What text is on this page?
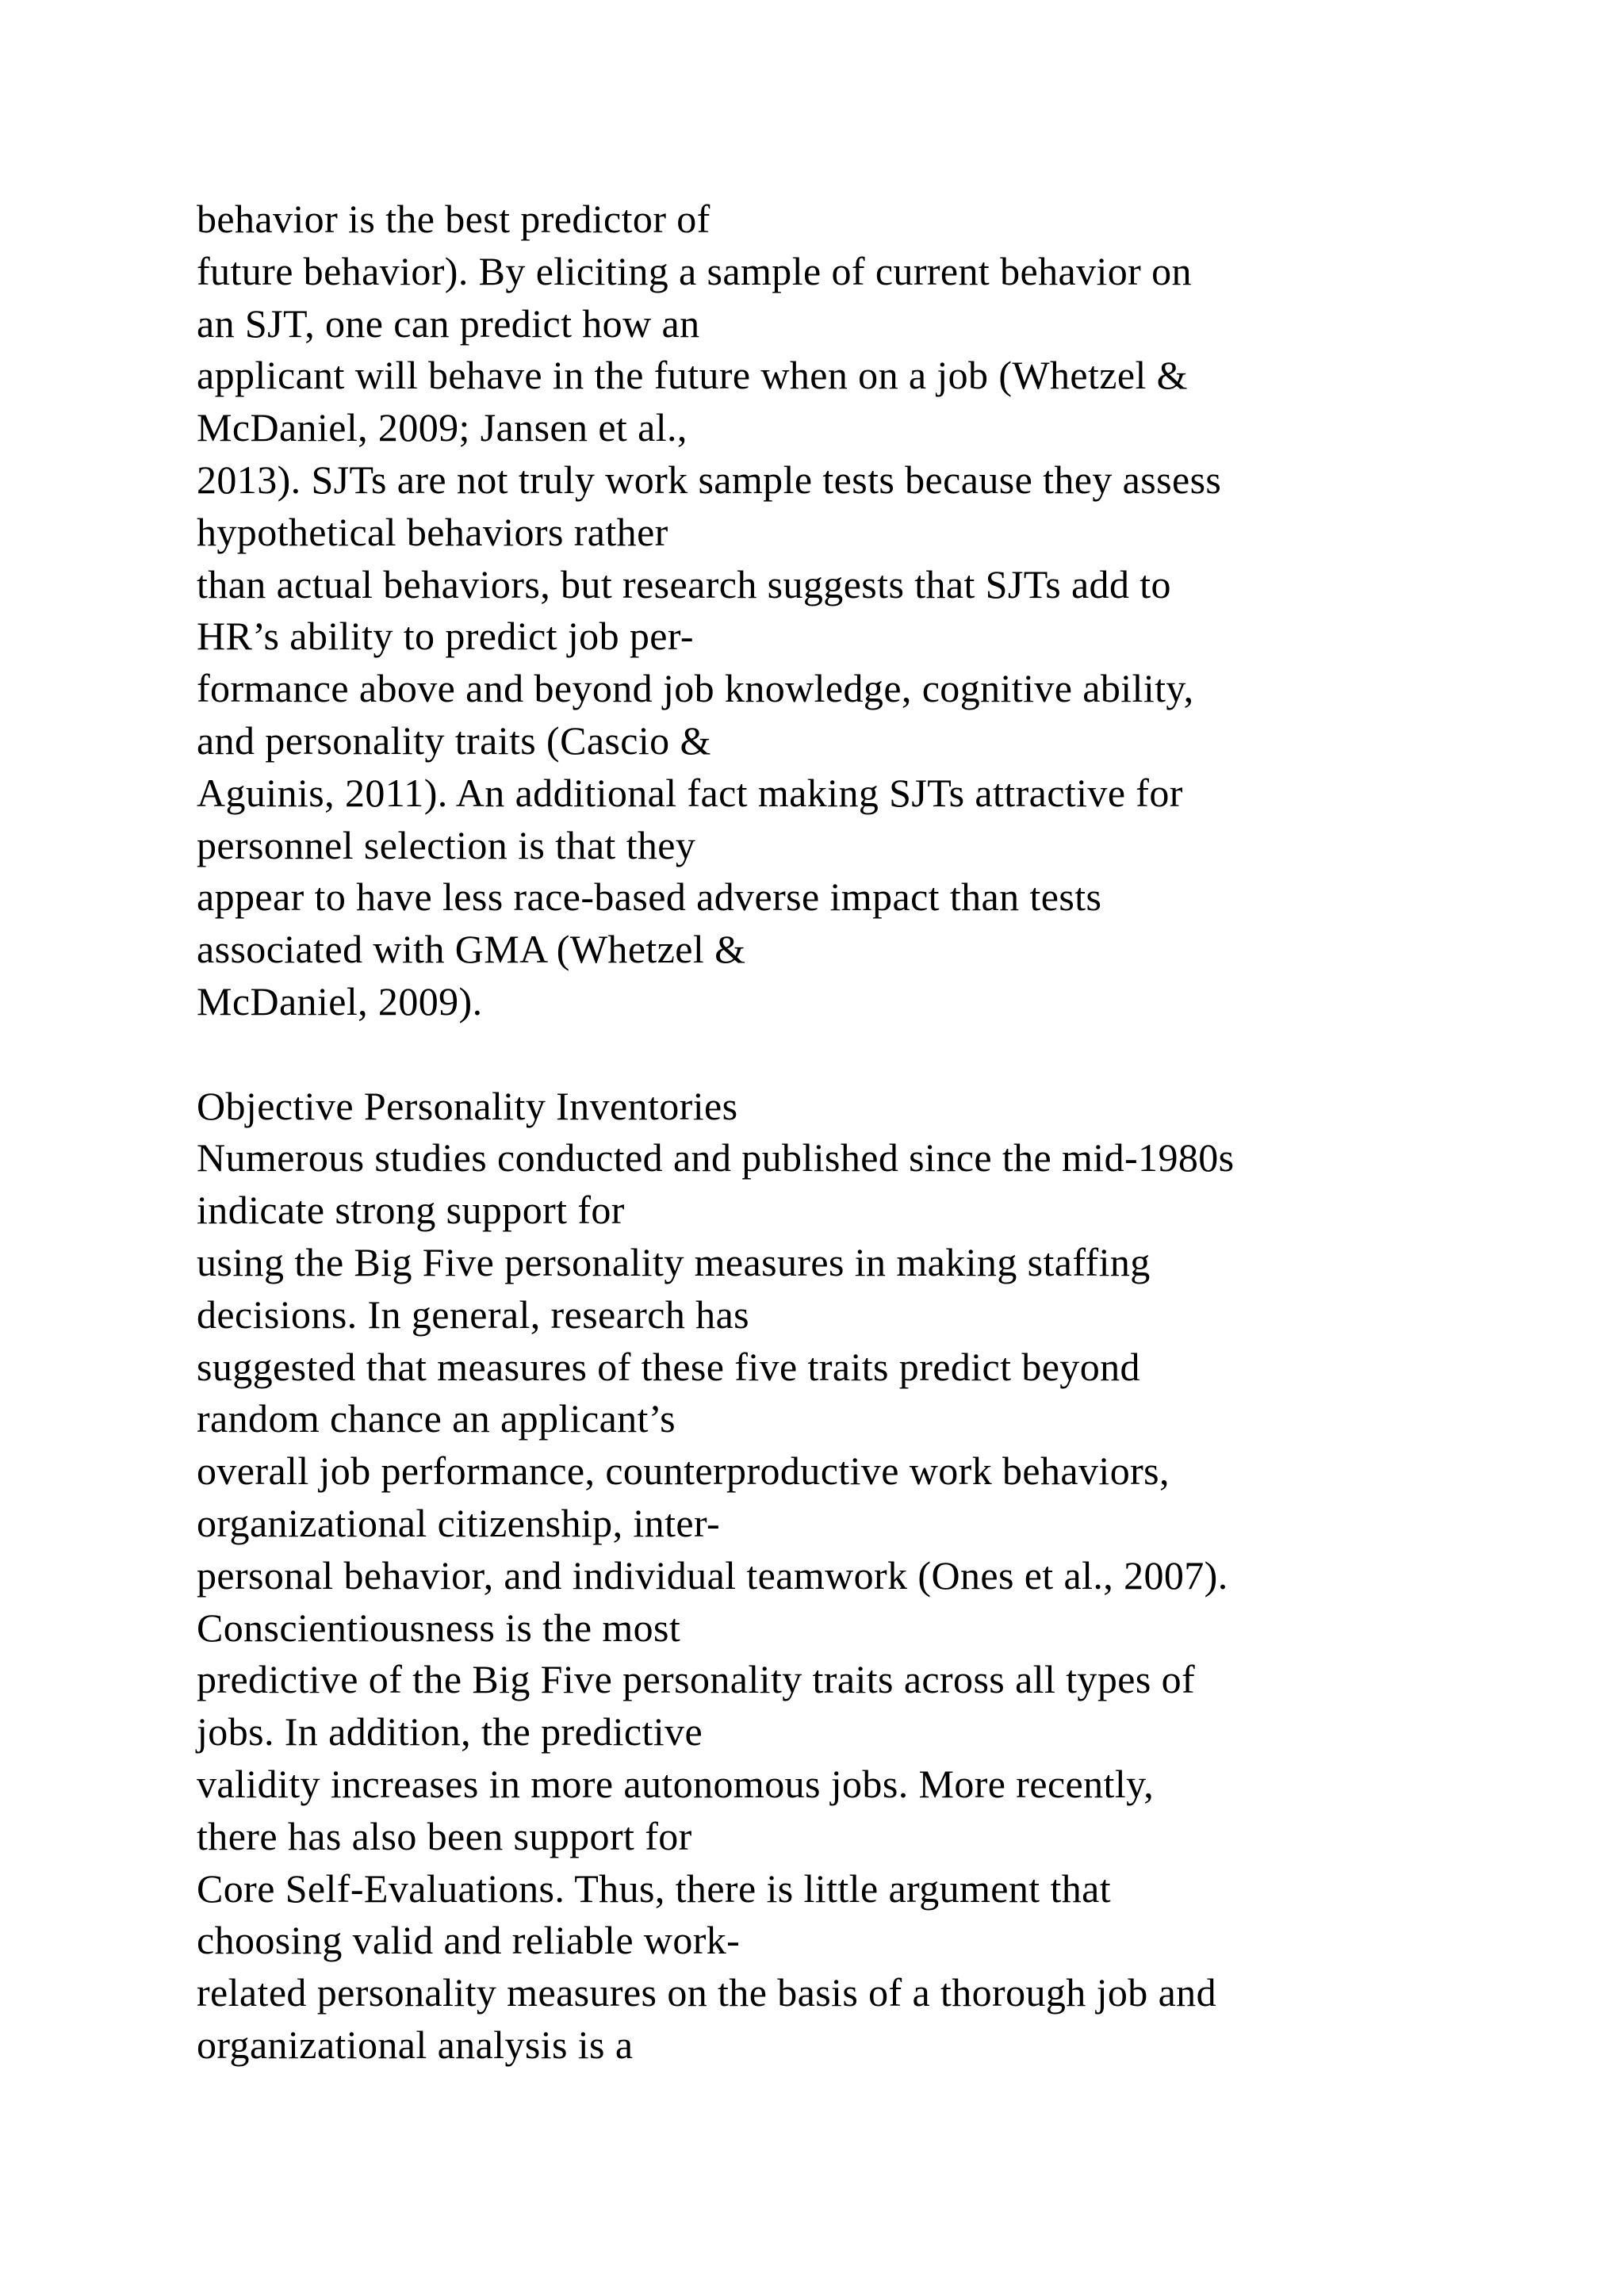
behavior is the best predictor of
future behavior). By eliciting a sample of current behavior on
an SJT, one can predict how an
applicant will behave in the future when on a job (Whetzel &
McDaniel, 2009; Jansen et al.,
2013). SJTs are not truly work sample tests because they assess
hypothetical behaviors rather
than actual behaviors, but research suggests that SJTs add to
HR’s ability to predict job per-
formance above and beyond job knowledge, cognitive ability,
and personality traits (Cascio &
Aguinis, 2011). An additional fact making SJTs attractive for
personnel selection is that they
appear to have less race-based adverse impact than tests
associated with GMA (Whetzel &
McDaniel, 2009).
Objective Personality Inventories
Numerous studies conducted and published since the mid-1980s
indicate strong support for
using the Big Five personality measures in making staffing
decisions. In general, research has
suggested that measures of these five traits predict beyond
random chance an applicant’s
overall job performance, counterproductive work behaviors,
organizational citizenship, inter-
personal behavior, and individual teamwork (Ones et al., 2007).
Conscientiousness is the most
predictive of the Big Five personality traits across all types of
jobs. In addition, the predictive
validity increases in more autonomous jobs. More recently,
there has also been support for
Core Self-Evaluations. Thus, there is little argument that
choosing valid and reliable work-
related personality measures on the basis of a thorough job and
organizational analysis is a
